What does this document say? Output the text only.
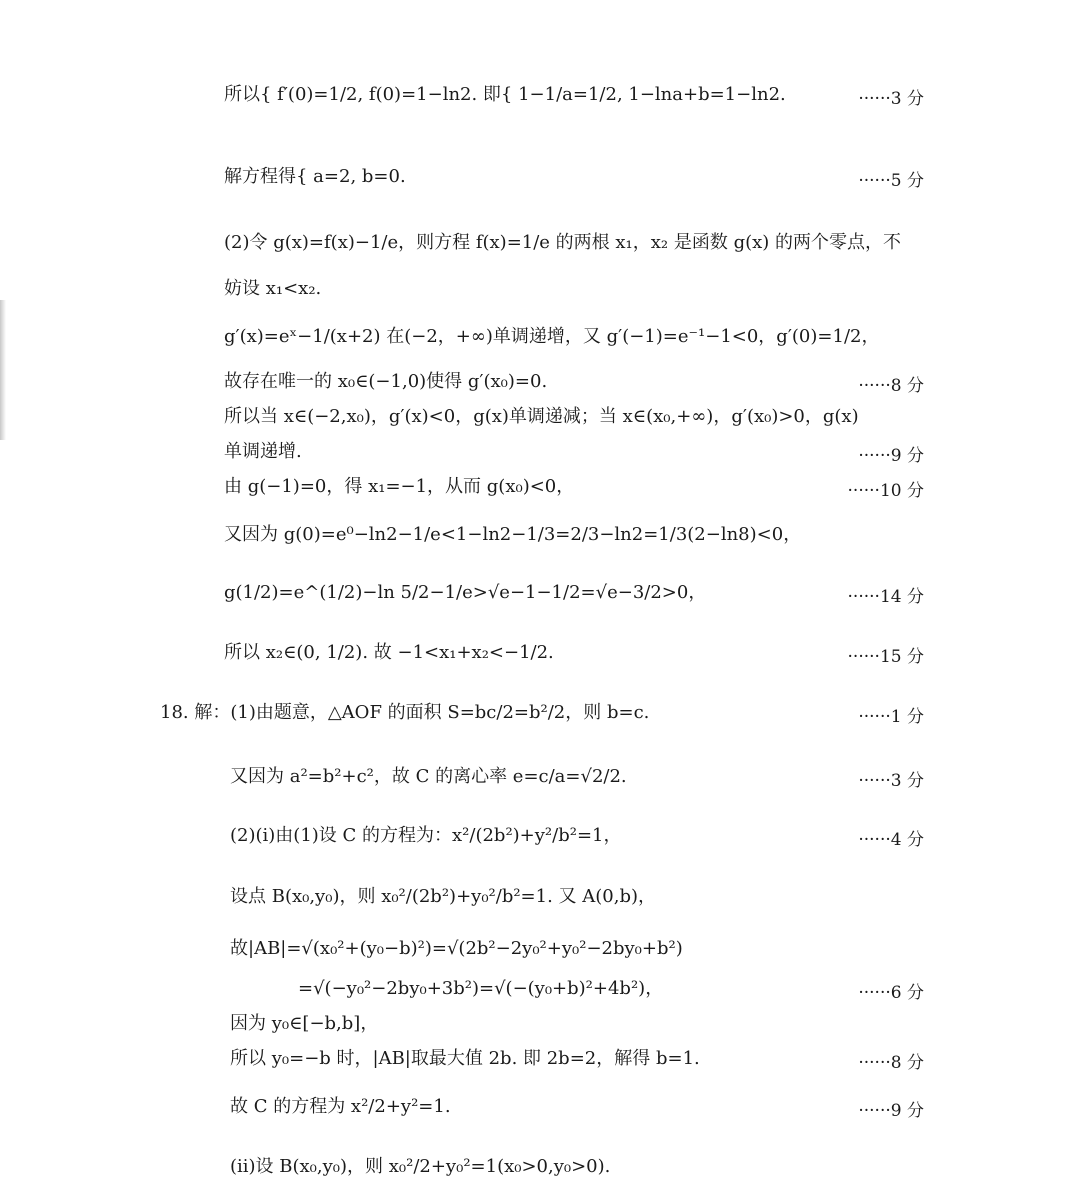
所以{ f′(0)=1/2, f(0)=1−ln2. 即{ 1−1/a=1/2, 1−lna+b=1−ln2.	······3 分
解方程得{ a=2, b=0.	······5 分
(2)令 g(x)=f(x)−1/e，则方程 f(x)=1/e 的两根 x₁，x₂ 是函数 g(x) 的两个零点，不
妨设 x₁<x₂.
g′(x)=eˣ−1/(x+2) 在(−2，+∞)单调递增，又 g′(−1)=e⁻¹−1<0，g′(0)=1/2，
故存在唯一的 x₀∈(−1,0)使得 g′(x₀)=0.	······8 分
所以当 x∈(−2,x₀)，g′(x)<0，g(x)单调递减；当 x∈(x₀,+∞)，g′(x₀)>0，g(x)
单调递增.	······9 分
由 g(−1)=0，得 x₁=−1，从而 g(x₀)<0，	······10 分
又因为 g(0)=e⁰−ln2−1/e<1−ln2−1/3=2/3−ln2=1/3(2−ln8)<0，
g(1/2)=e^(1/2)−ln 5/2−1/e>√e−1−1/2=√e−3/2>0，	······14 分
所以 x₂∈(0, 1/2). 故 −1<x₁+x₂<−1/2.	······15 分
18. 解：(1)由题意，△AOF 的面积 S=bc/2=b²/2，则 b=c.	······1 分
又因为 a²=b²+c²，故 C 的离心率 e=c/a=√2/2.	······3 分
(2)(i)由(1)设 C 的方程为：x²/(2b²)+y²/b²=1，	······4 分
设点 B(x₀,y₀)，则 x₀²/(2b²)+y₀²/b²=1. 又 A(0,b)，
故|AB|=√(x₀²+(y₀−b)²)=√(2b²−2y₀²+y₀²−2by₀+b²)
=√(−y₀²−2by₀+3b²)=√(−(y₀+b)²+4b²)，	······6 分
因为 y₀∈[−b,b]，
所以 y₀=−b 时，|AB|取最大值 2b. 即 2b=2，解得 b=1.	······8 分
故 C 的方程为 x²/2+y²=1.	······9 分
(ii)设 B(x₀,y₀)，则 x₀²/2+y₀²=1(x₀>0,y₀>0).
